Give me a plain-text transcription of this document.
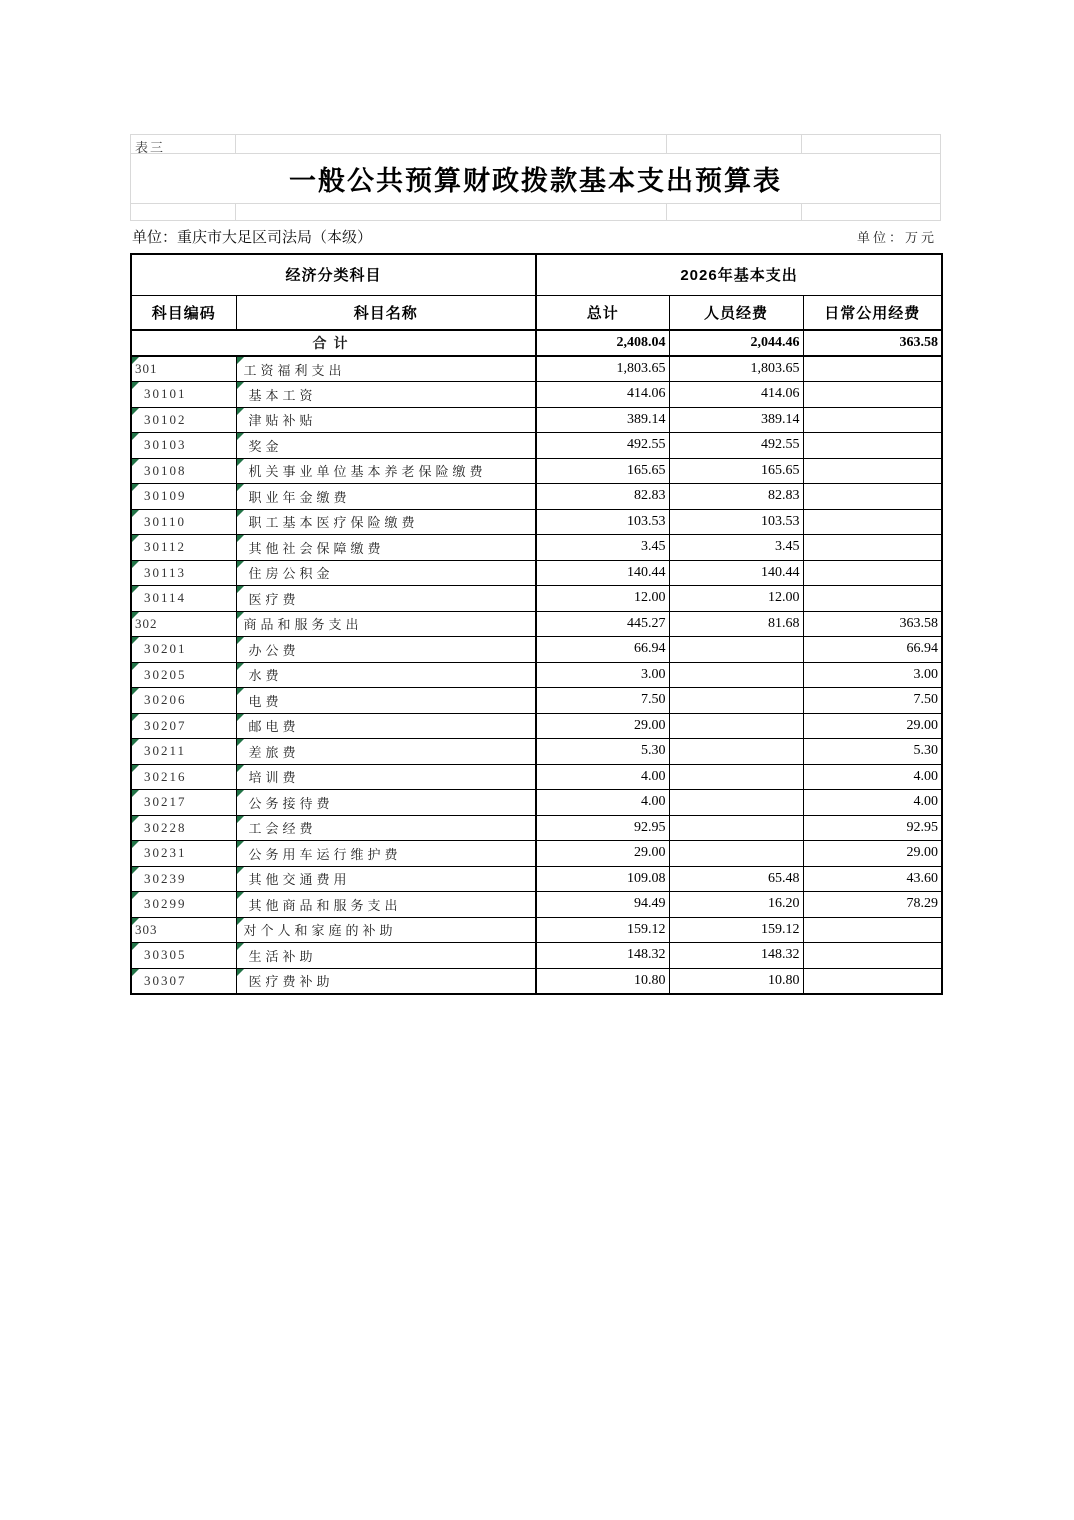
表三
一般公共预算财政拨款基本支出预算表
单位：重庆市大足区司法局（本级）	单位：万元
经济分类科目		2026年基本支出		
科目编码	科目名称	总计	人员经费	日常公用经费
合计		2,408.04	2,044.46	363.58

301	工资福利支出	1,803.65	1,803.65	

30101	基本工资	414.06	414.06	

30102	津贴补贴	389.14	389.14	

30103	奖金	492.55	492.55	

30108	机关事业单位基本养老保险缴费	165.65	165.65	

30109	职业年金缴费	82.83	82.83	

30110	职工基本医疗保险缴费	103.53	103.53	

30112	其他社会保障缴费	3.45	3.45	

30113	住房公积金	140.44	140.44	

30114	医疗费	12.00	12.00	

302	商品和服务支出	445.27	81.68	363.58

30201	办公费	66.94		66.94

30205	水费	3.00		3.00

30206	电费	7.50		7.50

30207	邮电费	29.00		29.00

30211	差旅费	5.30		5.30

30216	培训费	4.00		4.00

30217	公务接待费	4.00		4.00

30228	工会经费	92.95		92.95

30231	公务用车运行维护费	29.00		29.00

30239	其他交通费用	109.08	65.48	43.60

30299	其他商品和服务支出	94.49	16.20	78.29

303	对个人和家庭的补助	159.12	159.12	

30305	生活补助	148.32	148.32	

30307	医疗费补助	10.80	10.80	
